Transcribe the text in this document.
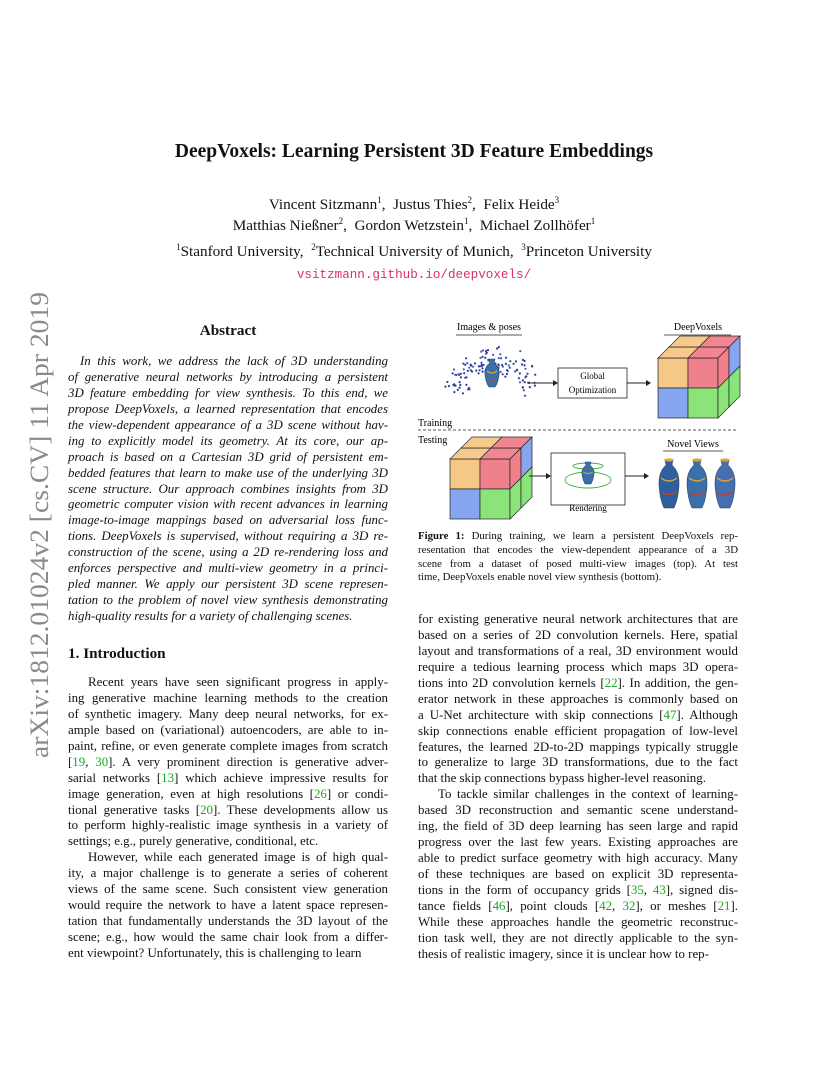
DeepVoxels: Learning Persistent 3D Feature Embeddings
Vincent Sitzmann$^1$, Justus Thies$^2$, Felix Heide$^3$
Matthias Nießner$^2$, Gordon Wetzstein$^1$, Michael Zollhöfer$^1$
$^1$Stanford University, $^2$Technical University of Munich, $^3$Princeton University
vsitzmann.github.io/deepvoxels/
arXiv:1812.01024v2 [cs.CV] 11 Apr 2019	Abstract
In this work, we address the lack of 3D understanding
of generative neural networks by introducing a persistent
3D feature embedding for view synthesis. To this end, we
propose DeepVoxels, a learned representation that encodes
the view-dependent appearance of a 3D scene without hav-
ing to explicitly model its geometry. At its core, our ap-
proach is based on a Cartesian 3D grid of persistent em-
bedded features that learn to make use of the underlying 3D
scene structure. Our approach combines insights from 3D
geometric computer vision with recent advances in learning
image-to-image mappings based on adversarial loss func-
tions. DeepVoxels is supervised, without requiring a 3D re-
construction of the scene, using a 2D re-rendering loss and
enforces perspective and multi-view geometry in a princi-
pled manner. We apply our persistent 3D scene represen-
tation to the problem of novel view synthesis demonstrating
high-quality results for a variety of challenging scenes.
1. Introduction
Recent years have seen significant progress in apply-
ing generative machine learning methods to the creation
of synthetic imagery. Many deep neural networks, for ex-
ample based on (variational) autoencoders, are able to in-
paint, refine, or even generate complete images from scratch
[19, 30]. A very prominent direction is generative adver-
sarial networks [13] which achieve impressive results for
image generation, even at high resolutions [26] or condi-
tional generative tasks [20]. These developments allow us
to perform highly-realistic image synthesis in a variety of
settings; e.g., purely generative, conditional, etc.
However, while each generated image is of high qual-
ity, a major challenge is to generate a series of coherent
views of the same scene. Such consistent view generation
would require the network to have a latent space represen-
tation that fundamentally understands the 3D layout of the
scene; e.g., how would the same chair look from a differ-
ent viewpoint? Unfortunately, this is challenging to learn
Images & poses	DeepVoxels
Global
Optimization
Training
Testing
Rendering
Novel Views
Figure 1: During training, we learn a persistent DeepVoxels rep-
resentation that encodes the view-dependent appearance of a 3D
scene from a dataset of posed multi-view images (top). At test
time, DeepVoxels enable novel view synthesis (bottom).
for existing generative neural network architectures that are
based on a series of 2D convolution kernels. Here, spatial
layout and transformations of a real, 3D environment would
require a tedious learning process which maps 3D opera-
tions into 2D convolution kernels [22]. In addition, the gen-
erator network in these approaches is commonly based on
a U-Net architecture with skip connections [47]. Although
skip connections enable efficient propagation of low-level
features, the learned 2D-to-2D mappings typically struggle
to generalize to large 3D transformations, due to the fact
that the skip connections bypass higher-level reasoning.
To tackle similar challenges in the context of learning-
based 3D reconstruction and semantic scene understand-
ing, the field of 3D deep learning has seen large and rapid
progress over the last few years. Existing approaches are
able to predict surface geometry with high accuracy. Many
of these techniques are based on explicit 3D representa-
tions in the form of occupancy grids [35, 43], signed dis-
tance fields [46], point clouds [42, 32], or meshes [21].
While these approaches handle the geometric reconstruc-
tion task well, they are not directly applicable to the syn-
thesis of realistic imagery, since it is unclear how to rep-
